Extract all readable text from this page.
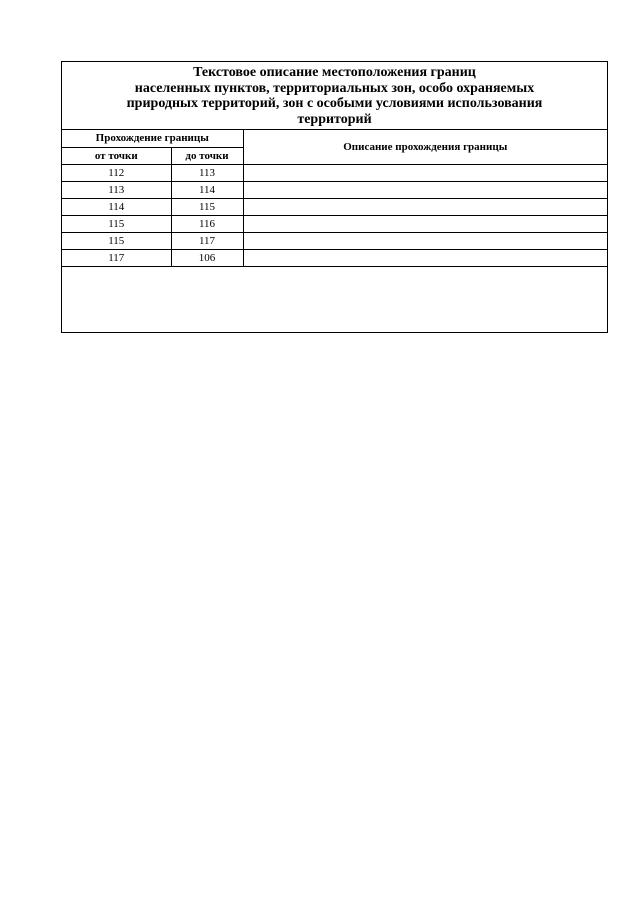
Текстовое описание местоположения границ
населенных пунктов, территориальных зон, особо охраняемых
природных территорий, зон с особыми условиями использования
территорий
Прохождение границы		Описание прохождения границы
от точки	до точки	
112	113	
113	114	
114	115	
115	116	
115	117	
117	106	
